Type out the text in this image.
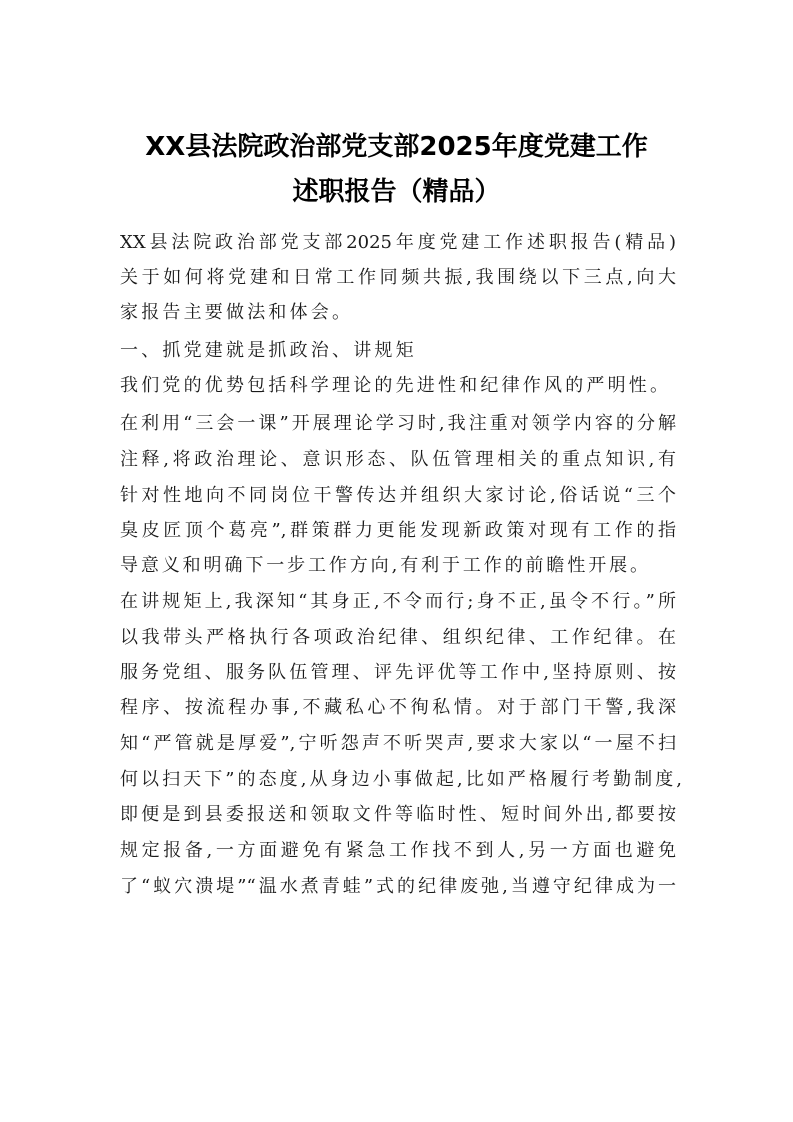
XX县法院政治部党支部2025年度党建工作
述职报告（精品）
XX县法院政治部党支部2025年度党建工作述职报告(精品)
关于如何将党建和日常工作同频共振,我围绕以下三点,向大
家报告主要做法和体会。
一、抓党建就是抓政治、讲规矩
我们党的优势包括科学理论的先进性和纪律作风的严明性。
在利用“三会一课”开展理论学习时,我注重对领学内容的分解
注释,将政治理论、意识形态、队伍管理相关的重点知识,有
针对性地向不同岗位干警传达并组织大家讨论,俗话说“三个
臭皮匠顶个葛亮”,群策群力更能发现新政策对现有工作的指
导意义和明确下一步工作方向,有利于工作的前瞻性开展。
在讲规矩上,我深知“其身正,不令而行;身不正,虽令不行。”所
以我带头严格执行各项政治纪律、组织纪律、工作纪律。在
服务党组、服务队伍管理、评先评优等工作中,坚持原则、按
程序、按流程办事,不藏私心不徇私情。对于部门干警,我深
知“严管就是厚爱”,宁听怨声不听哭声,要求大家以“一屋不扫
何以扫天下”的态度,从身边小事做起,比如严格履行考勤制度,
即便是到县委报送和领取文件等临时性、短时间外出,都要按
规定报备,一方面避免有紧急工作找不到人,另一方面也避免
了“蚁穴溃堤”“温水煮青蛙”式的纪律废弛,当遵守纪律成为一
